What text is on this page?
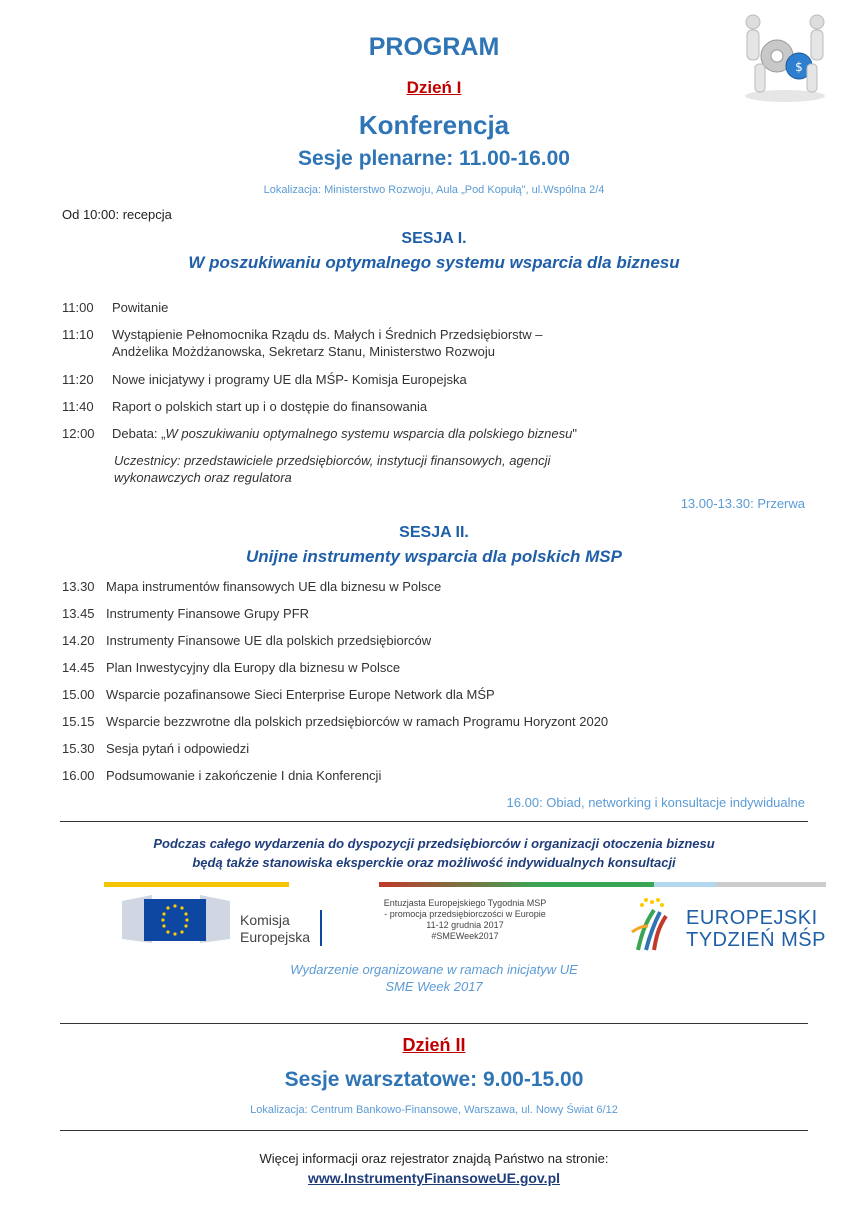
$
PROGRAM
Dzień I
Konferencja
Sesje plenarne: 11.00-16.00
Lokalizacja: Ministerstwo Rozwoju, Aula „Pod Kopułą", ul.Wspólna 2/4
Od 10:00: recepcja
SESJA I.
W poszukiwaniu optymalnego systemu wsparcia dla biznesu
11:00 Powitanie
11:10 Wystąpienie Pełnomocnika Rządu ds. Małych i Średnich Przedsiębiorstw –
Andżelika Możdżanowska, Sekretarz Stanu, Ministerstwo Rozwoju
11:20 Nowe inicjatywy i programy UE dla MŚP- Komisja Europejska
11:40 Raport o polskich start up i o dostępie do finansowania
12:00 Debata: „W poszukiwaniu optymalnego systemu wsparcia dla polskiego biznesu"
Uczestnicy: przedstawiciele przedsiębiorców, instytucji finansowych, agencji
wykonawczych oraz regulatora
13.00-13.30: Przerwa
SESJA II.
Unijne instrumenty wsparcia dla polskich MSP
13.30 Mapa instrumentów finansowych UE dla biznesu w Polsce
13.45 Instrumenty Finansowe Grupy PFR
14.20 Instrumenty Finansowe UE dla polskich przedsiębiorców
14.45 Plan Inwestycyjny dla Europy dla biznesu w Polsce
15.00 Wsparcie pozafinansowe Sieci Enterprise Europe Network dla MŚP
15.15 Wsparcie bezzwrotne dla polskich przedsiębiorców w ramach Programu Horyzont 2020
15.30 Sesja pytań i odpowiedzi
16.00 Podsumowanie i zakończenie I dnia Konferencji
16.00: Obiad, networking i konsultacje indywidualne
Podczas całego wydarzenia do dyspozycji przedsiębiorców i organizacji otoczenia biznesu
będą także stanowiska eksperckie oraz możliwość indywidualnych konsultacji
Komisja
Europejska
Entuzjasta Europejskiego Tygodnia MSP
- promocja przedsiębiorczości w Europie
11-12 grudnia 2017
#SMEWeek2017
EUROPEJSKI
TYDZIEŃ MŚP
Wydarzenie organizowane w ramach inicjatyw UE
SME Week 2017
Dzień II
Sesje warsztatowe: 9.00-15.00
Lokalizacja: Centrum Bankowo-Finansowe, Warszawa, ul. Nowy Świat 6/12
Więcej informacji oraz rejestrator znajdą Państwo na stronie:
www.InstrumentyFinansoweUE.gov.pl
